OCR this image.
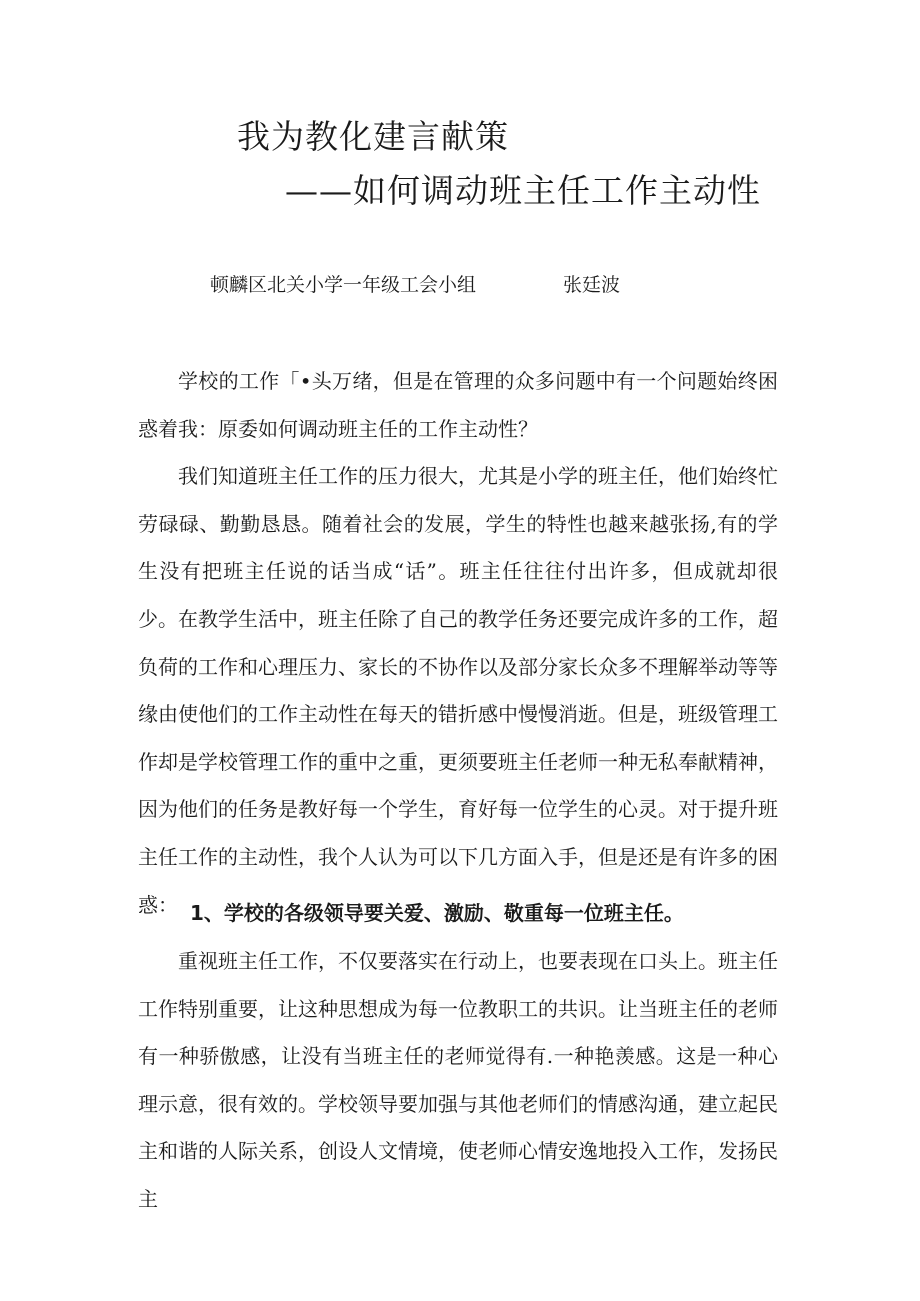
我为教化建言献策
——如何调动班主任工作主动性
顿麟区北关小学一年级工会小组	张廷波

学校的工作「•头万绪，但是在管理的众多问题中有一个问题始终困惑着我：原委如何调动班主任的工作主动性？

我们知道班主任工作的压力很大，尤其是小学的班主任，他们始终忙劳碌碌、勤勤恳恳。随着社会的发展，学生的特性也越来越张扬,有的学生没有把班主任说的话当成“话”。班主任往往付出许多，但成就却很少。在教学生活中，班主任除了自己的教学任务还要完成许多的工作，超负荷的工作和心理压力、家长的不协作以及部分家长众多不理解举动等等缘由使他们的工作主动性在每天的错折感中慢慢消逝。但是，班级管理工作却是学校管理工作的重中之重，更须要班主任老师一种无私奉献精神，因为他们的任务是教好每一个学生，育好每一位学生的心灵。对于提升班主任工作的主动性，我个人认为可以下几方面入手，但是还是有许多的困惑： 1、学校的各级领导要关爱、激励、敬重每一位班主任。

重视班主任工作，不仅要落实在行动上，也要表现在口头上。班主任工作特别重要，让这种思想成为每一位教职工的共识。让当班主任的老师有一种骄傲感，让没有当班主任的老师觉得有.一种艳羡感。这是一种心理示意，很有效的。学校领导要加强与其他老师们的情感沟通，建立起民主和谐的人际关系，创设人文情境，使老师心情安逸地投入工作，发扬民主
